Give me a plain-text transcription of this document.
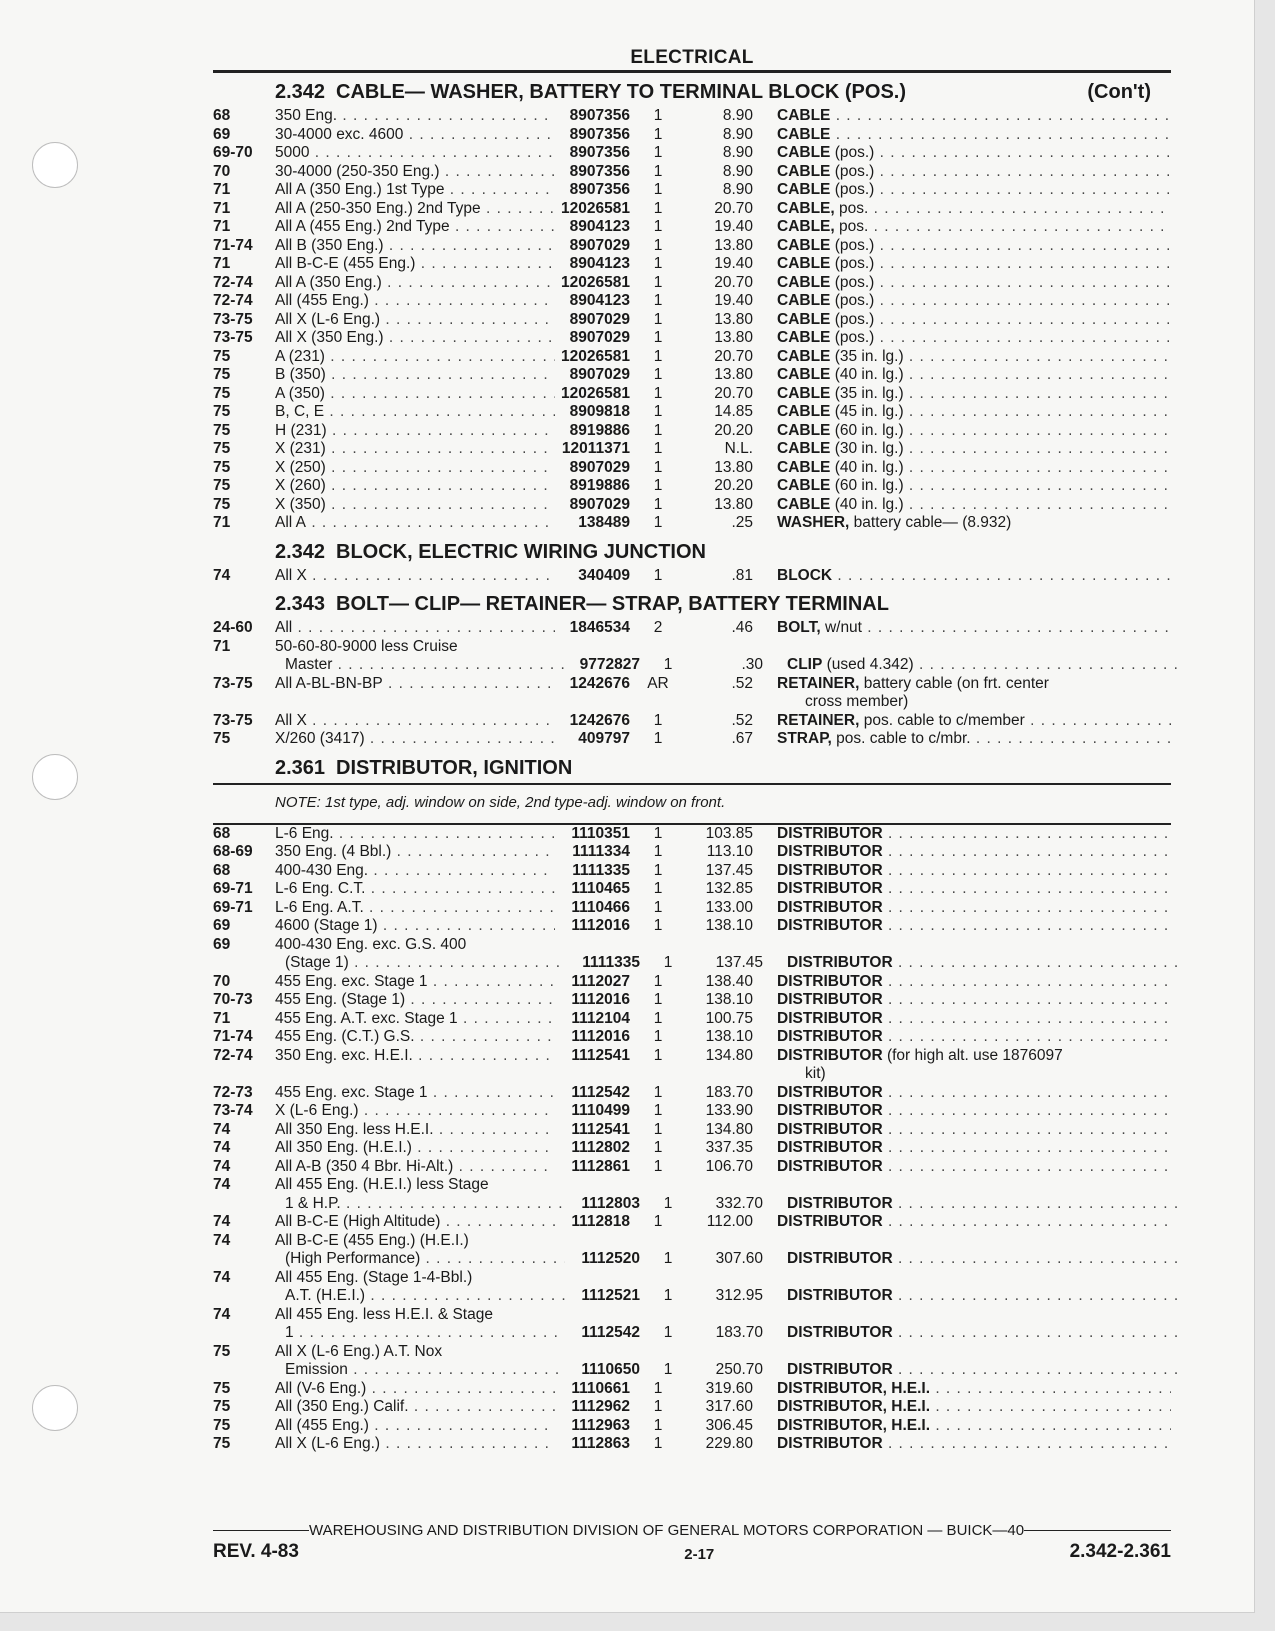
ELECTRICAL
2.342 CABLE— WASHER, BATTERY TO TERMINAL BLOCK (POS.)	(Con't)
68	350 Eng. . . .	8907356	1	8.90	CABLE . . .
69	30-4000 exc. 4600 . . .	8907356	1	8.90	CABLE . . .
69-70	5000 . . .	8907356	1	8.90	CABLE (pos.) . . .
70	30-4000 (250-350 Eng.) . . .	8907356	1	8.90	CABLE (pos.) . . .
71	All A (350 Eng.) 1st Type . . .	8907356	1	8.90	CABLE (pos.) . . .
71	All A (250-350 Eng.) 2nd Type . . .	12026581	1	20.70	CABLE, pos. . . .
71	All A (455 Eng.) 2nd Type . . .	8904123	1	19.40	CABLE, pos. . . .
71-74	All B (350 Eng.) . . .	8907029	1	13.80	CABLE (pos.) . . .
71	All B-C-E (455 Eng.) . . .	8904123	1	19.40	CABLE (pos.) . . .
72-74	All A (350 Eng.) . . .	12026581	1	20.70	CABLE (pos.) . . .
72-74	All (455 Eng.) . . .	8904123	1	19.40	CABLE (pos.) . . .
73-75	All X (L-6 Eng.) . . .	8907029	1	13.80	CABLE (pos.) . . .
73-75	All X (350 Eng.) . . .	8907029	1	13.80	CABLE (pos.) . . .
75	A (231) . . .	12026581	1	20.70	CABLE (35 in. lg.) . . .
75	B (350) . . .	8907029	1	13.80	CABLE (40 in. lg.) . . .
75	A (350) . . .	12026581	1	20.70	CABLE (35 in. lg.) . . .
75	B, C, E . . .	8909818	1	14.85	CABLE (45 in. lg.) . . .
75	H (231) . . .	8919886	1	20.20	CABLE (60 in. lg.) . . .
75	X (231) . . .	12011371	1	N.L.	CABLE (30 in. lg.) . . .
75	X (250) . . .	8907029	1	13.80	CABLE (40 in. lg.) . . .
75	X (260) . . .	8919886	1	20.20	CABLE (60 in. lg.) . . .
75	X (350) . . .	8907029	1	13.80	CABLE (40 in. lg.) . . .
71	All A . . .	138489	1	.25	WASHER, battery cable— (8.932)
2.342 BLOCK, ELECTRIC WIRING JUNCTION
74	All X . . .	340409	1	.81	BLOCK . . .
2.343 BOLT— CLIP— RETAINER— STRAP, BATTERY TERMINAL
24-60	All . . .	1846534	2	.46	BOLT, w/nut . . .
71	50-60-80-9000 less Cruise
Master . . .	9772827	1	.30	CLIP (used 4.342) . . .
73-75	All A-BL-BN-BP . . .	1242676	AR	.52	RETAINER, battery cable (on frt. center
cross member)
73-75	All X . . .	1242676	1	.52	RETAINER, pos. cable to c/member . . .
75	X/260 (3417) . . .	409797	1	.67	STRAP, pos. cable to c/mbr. . . .
2.361 DISTRIBUTOR, IGNITION
NOTE: 1st type, adj. window on side, 2nd type-adj. window on front.
68	L-6 Eng. . . .	1110351	1	103.85	DISTRIBUTOR . . .
68-69	350 Eng. (4 Bbl.) . . .	1111334	1	113.10	DISTRIBUTOR . . .
68	400-430 Eng. . . .	1111335	1	137.45	DISTRIBUTOR . . .
69-71	L-6 Eng. C.T. . . .	1110465	1	132.85	DISTRIBUTOR . . .
69-71	L-6 Eng. A.T. . . .	1110466	1	133.00	DISTRIBUTOR . . .
69	4600 (Stage 1) . . .	1112016	1	138.10	DISTRIBUTOR . . .
69	400-430 Eng. exc. G.S. 400
(Stage 1) . . .	1111335	1	137.45	DISTRIBUTOR . . .
70	455 Eng. exc. Stage 1 . . .	1112027	1	138.40	DISTRIBUTOR . . .
70-73	455 Eng. (Stage 1) . . .	1112016	1	138.10	DISTRIBUTOR . . .
71	455 Eng. A.T. exc. Stage 1 . . .	1112104	1	100.75	DISTRIBUTOR . . .
71-74	455 Eng. (C.T.) G.S. . . .	1112016	1	138.10	DISTRIBUTOR . . .
72-74	350 Eng. exc. H.E.I. . . .	1112541	1	134.80	DISTRIBUTOR (for high alt. use 1876097
kit)
72-73	455 Eng. exc. Stage 1 . . .	1112542	1	183.70	DISTRIBUTOR . . .
73-74	X (L-6 Eng.) . . .	1110499	1	133.90	DISTRIBUTOR . . .
74	All 350 Eng. less H.E.I. . . .	1112541	1	134.80	DISTRIBUTOR . . .
74	All 350 Eng. (H.E.I.) . . .	1112802	1	337.35	DISTRIBUTOR . . .
74	All A-B (350 4 Bbr. Hi-Alt.) . . .	1112861	1	106.70	DISTRIBUTOR . . .
74	All 455 Eng. (H.E.I.) less Stage
1 & H.P. . . .	1112803	1	332.70	DISTRIBUTOR . . .
74	All B-C-E (High Altitude) . . .	1112818	1	112.00	DISTRIBUTOR . . .
74	All B-C-E (455 Eng.) (H.E.I.)
(High Performance) . . .	1112520	1	307.60	DISTRIBUTOR . . .
74	All 455 Eng. (Stage 1-4-Bbl.)
A.T. (H.E.I.) . . .	1112521	1	312.95	DISTRIBUTOR . . .
74	All 455 Eng. less H.E.I. & Stage
1 . . .	1112542	1	183.70	DISTRIBUTOR . . .
75	All X (L-6 Eng.) A.T. Nox
Emission . . .	1110650	1	250.70	DISTRIBUTOR . . .
75	All (V-6 Eng.) . . .	1110661	1	319.60	DISTRIBUTOR, H.E.I. . . .
75	All (350 Eng.) Calif. . . .	1112962	1	317.60	DISTRIBUTOR, H.E.I. . . .
75	All (455 Eng.) . . .	1112963	1	306.45	DISTRIBUTOR, H.E.I. . . .
75	All X (L-6 Eng.) . . .	1112863	1	229.80	DISTRIBUTOR . . .
WAREHOUSING AND DISTRIBUTION DIVISION OF GENERAL MOTORS CORPORATION — BUICK—40
REV. 4-83	2-17	2.342-2.361
